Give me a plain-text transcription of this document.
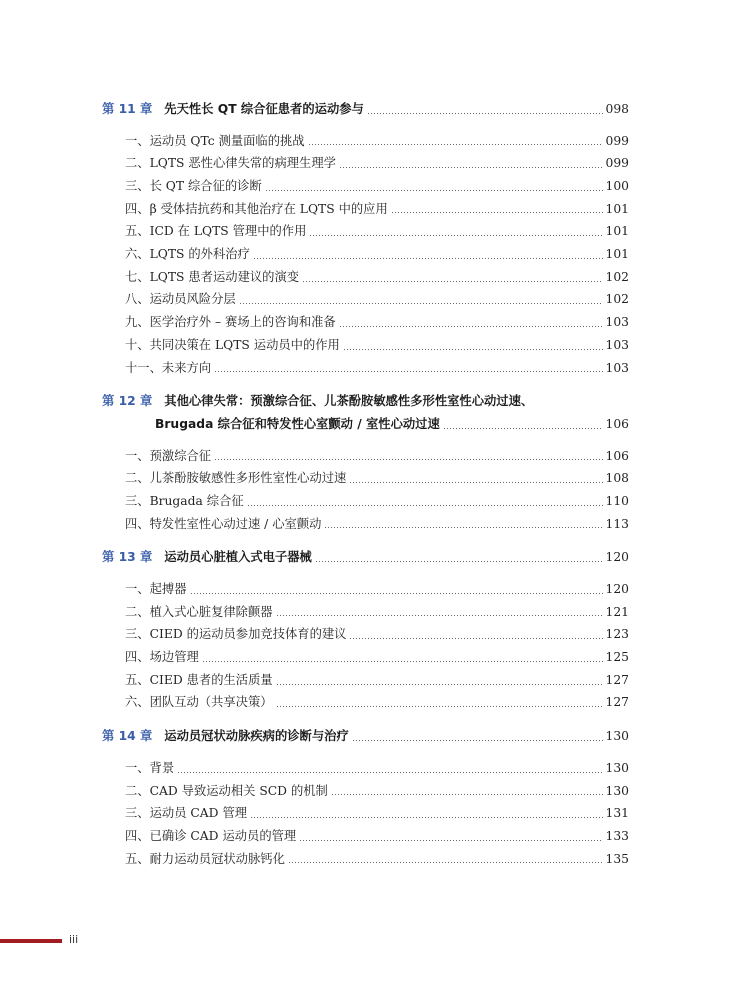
第 11 章 先天性长 QT 综合征患者的运动参与	098
一、运动员 QTc 测量面临的挑战	099
二、LQTS 恶性心律失常的病理生理学	099
三、长 QT 综合征的诊断	100
四、β 受体拮抗药和其他治疗在 LQTS 中的应用	101
五、ICD 在 LQTS 管理中的作用	101
六、LQTS 的外科治疗	101
七、LQTS 患者运动建议的演变	102
八、运动员风险分层	102
九、医学治疗外 – 赛场上的咨询和准备	103
十、共同决策在 LQTS 运动员中的作用	103
十一、未来方向	103
第 12 章 其他心律失常：预激综合征、儿茶酚胺敏感性多形性室性心动过速、
Brugada 综合征和特发性心室颤动 / 室性心动过速	106
一、预激综合征	106
二、儿茶酚胺敏感性多形性室性心动过速	108
三、Brugada 综合征	110
四、特发性室性心动过速 / 心室颤动	113
第 13 章 运动员心脏植入式电子器械	120
一、起搏器	120
二、植入式心脏复律除颤器	121
三、CIED 的运动员参加竞技体育的建议	123
四、场边管理	125
五、CIED 患者的生活质量	127
六、团队互动（共享决策）	127
第 14 章 运动员冠状动脉疾病的诊断与治疗	130
一、背景	130
二、CAD 导致运动相关 SCD 的机制	130
三、运动员 CAD 管理	131
四、已确诊 CAD 运动员的管理	133
五、耐力运动员冠状动脉钙化	135
iii
